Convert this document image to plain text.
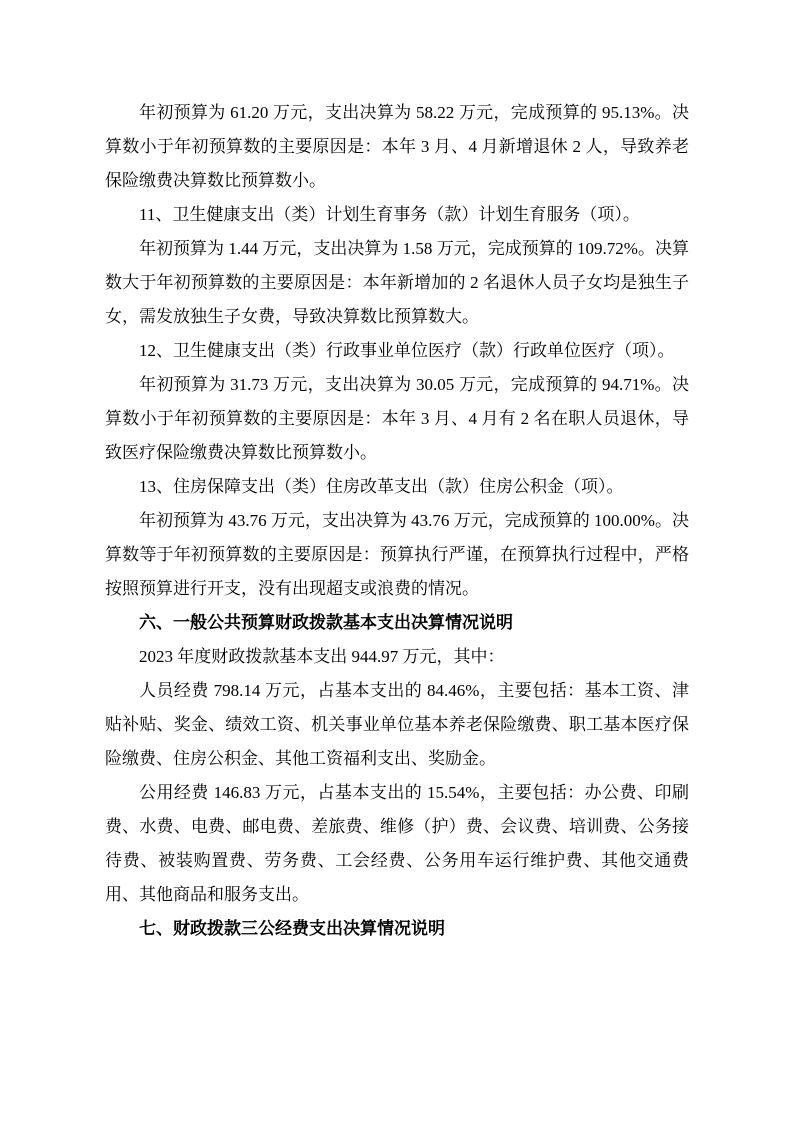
年初预算为 61.20 万元，支出决算为 58.22 万元，完成预算的 95.13%。决算数小于年初预算数的主要原因是：本年 3 月、4 月新增退休 2 人，导致养老保险缴费决算数比预算数小。

11、卫生健康支出（类）计划生育事务（款）计划生育服务（项）。

年初预算为 1.44 万元，支出决算为 1.58 万元，完成预算的 109.72%。决算数大于年初预算数的主要原因是：本年新增加的 2 名退休人员子女均是独生子女，需发放独生子女费，导致决算数比预算数大。

12、卫生健康支出（类）行政事业单位医疗（款）行政单位医疗（项）。

年初预算为 31.73 万元，支出决算为 30.05 万元，完成预算的 94.71%。决算数小于年初预算数的主要原因是：本年 3 月、4 月有 2 名在职人员退休，导致医疗保险缴费决算数比预算数小。

13、住房保障支出（类）住房改革支出（款）住房公积金（项）。

年初预算为 43.76 万元，支出决算为 43.76 万元，完成预算的 100.00%。决算数等于年初预算数的主要原因是：预算执行严谨，在预算执行过程中，严格按照预算进行开支，没有出现超支或浪费的情况。

六、一般公共预算财政拨款基本支出决算情况说明

2023 年度财政拨款基本支出 944.97 万元，其中：

人员经费 798.14 万元，占基本支出的 84.46%，主要包括：基本工资、津贴补贴、奖金、绩效工资、机关事业单位基本养老保险缴费、职工基本医疗保险缴费、住房公积金、其他工资福利支出、奖励金。

公用经费 146.83 万元，占基本支出的 15.54%，主要包括：办公费、印刷费、水费、电费、邮电费、差旅费、维修（护）费、会议费、培训费、公务接待费、被装购置费、劳务费、工会经费、公务用车运行维护费、其他交通费用、其他商品和服务支出。

七、财政拨款三公经费支出决算情况说明
